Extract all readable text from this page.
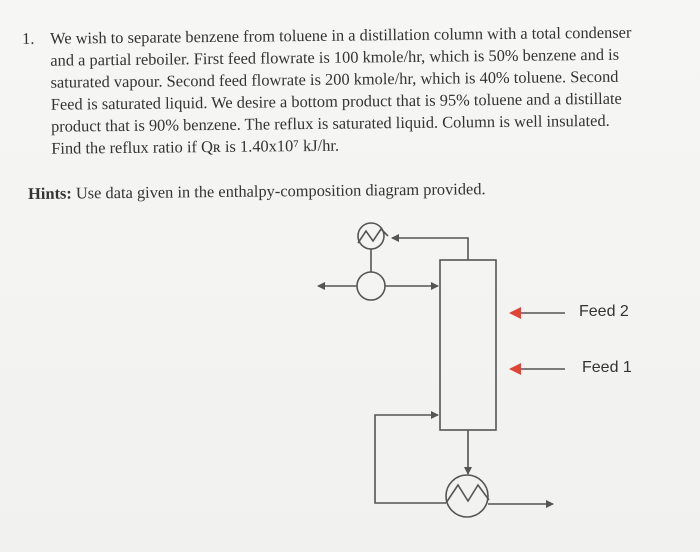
1. We wish to separate benzene from toluene in a distillation column with a total condenser
and a partial reboiler. First feed flowrate is 100 kmole/hr, which is 50% benzene and is
saturated vapour. Second feed flowrate is 200 kmole/hr, which is 40% toluene. Second
Feed is saturated liquid. We desire a bottom product that is 95% toluene and a distillate
product that is 90% benzene. The reflux is saturated liquid. Column is well insulated.
Find the reflux ratio if Qʀ is 1.40x10⁷ kJ/hr.
Hints: Use data given in the enthalpy-composition diagram provided.
Feed 2
Feed 1
